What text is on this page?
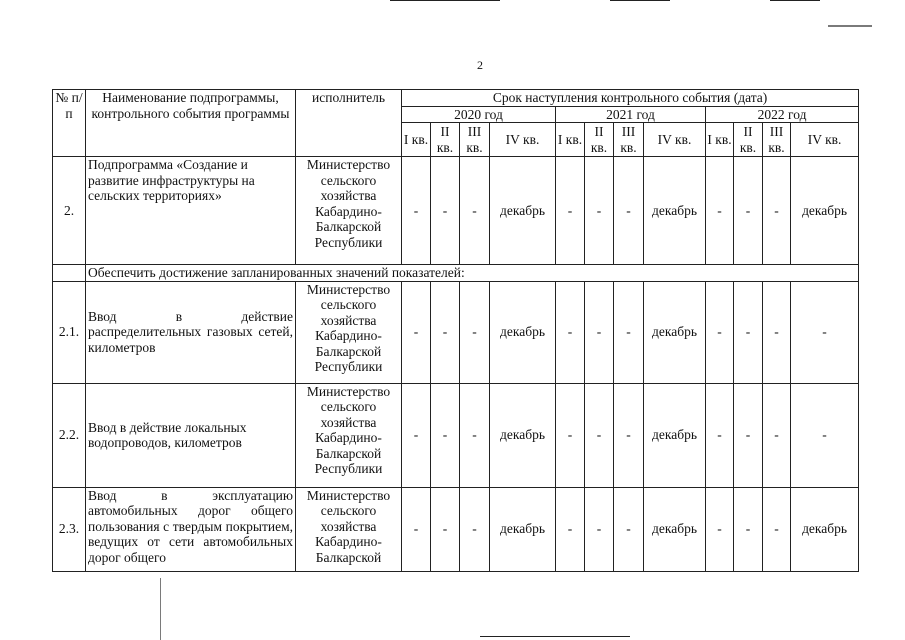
2
№ п/п	Наименование подпрограммы, контрольного события программы	исполнитель	Срок наступления контрольного события (дата)											
			2020 год				2021 год				2022 год			
			I кв.	II кв.	III кв.	IV кв.	I кв.	II кв.	III кв.	IV кв.	I кв.	II кв.	III кв.	IV кв.
2.	Подпрограмма «Создание и развитие инфраструктуры на сельских территориях»	Министерство сельского хозяйства Кабардино-Балкарской Республики	-	-	-	декабрь	-	-	-	декабрь	-	-	-	декабрь
	Обеспечить достижение запланированных значений показателей:													
2.1.	Ввод в действие распределительных газовых сетей, километров	Министерство сельского хозяйства Кабардино-Балкарской Республики	-	-	-	декабрь	-	-	-	декабрь	-	-	-	-
2.2.	Ввод в действие локальных водопроводов, километров	Министерство сельского хозяйства Кабардино-Балкарской Республики	-	-	-	декабрь	-	-	-	декабрь	-	-	-	-
2.3.	Ввод в эксплуатацию автомобильных дорог общего пользования с твердым покрытием, ведущих от сети автомобильных дорог общего	Министерство сельского хозяйства Кабардино-Балкарской	-	-	-	декабрь	-	-	-	декабрь	-	-	-	декабрь
